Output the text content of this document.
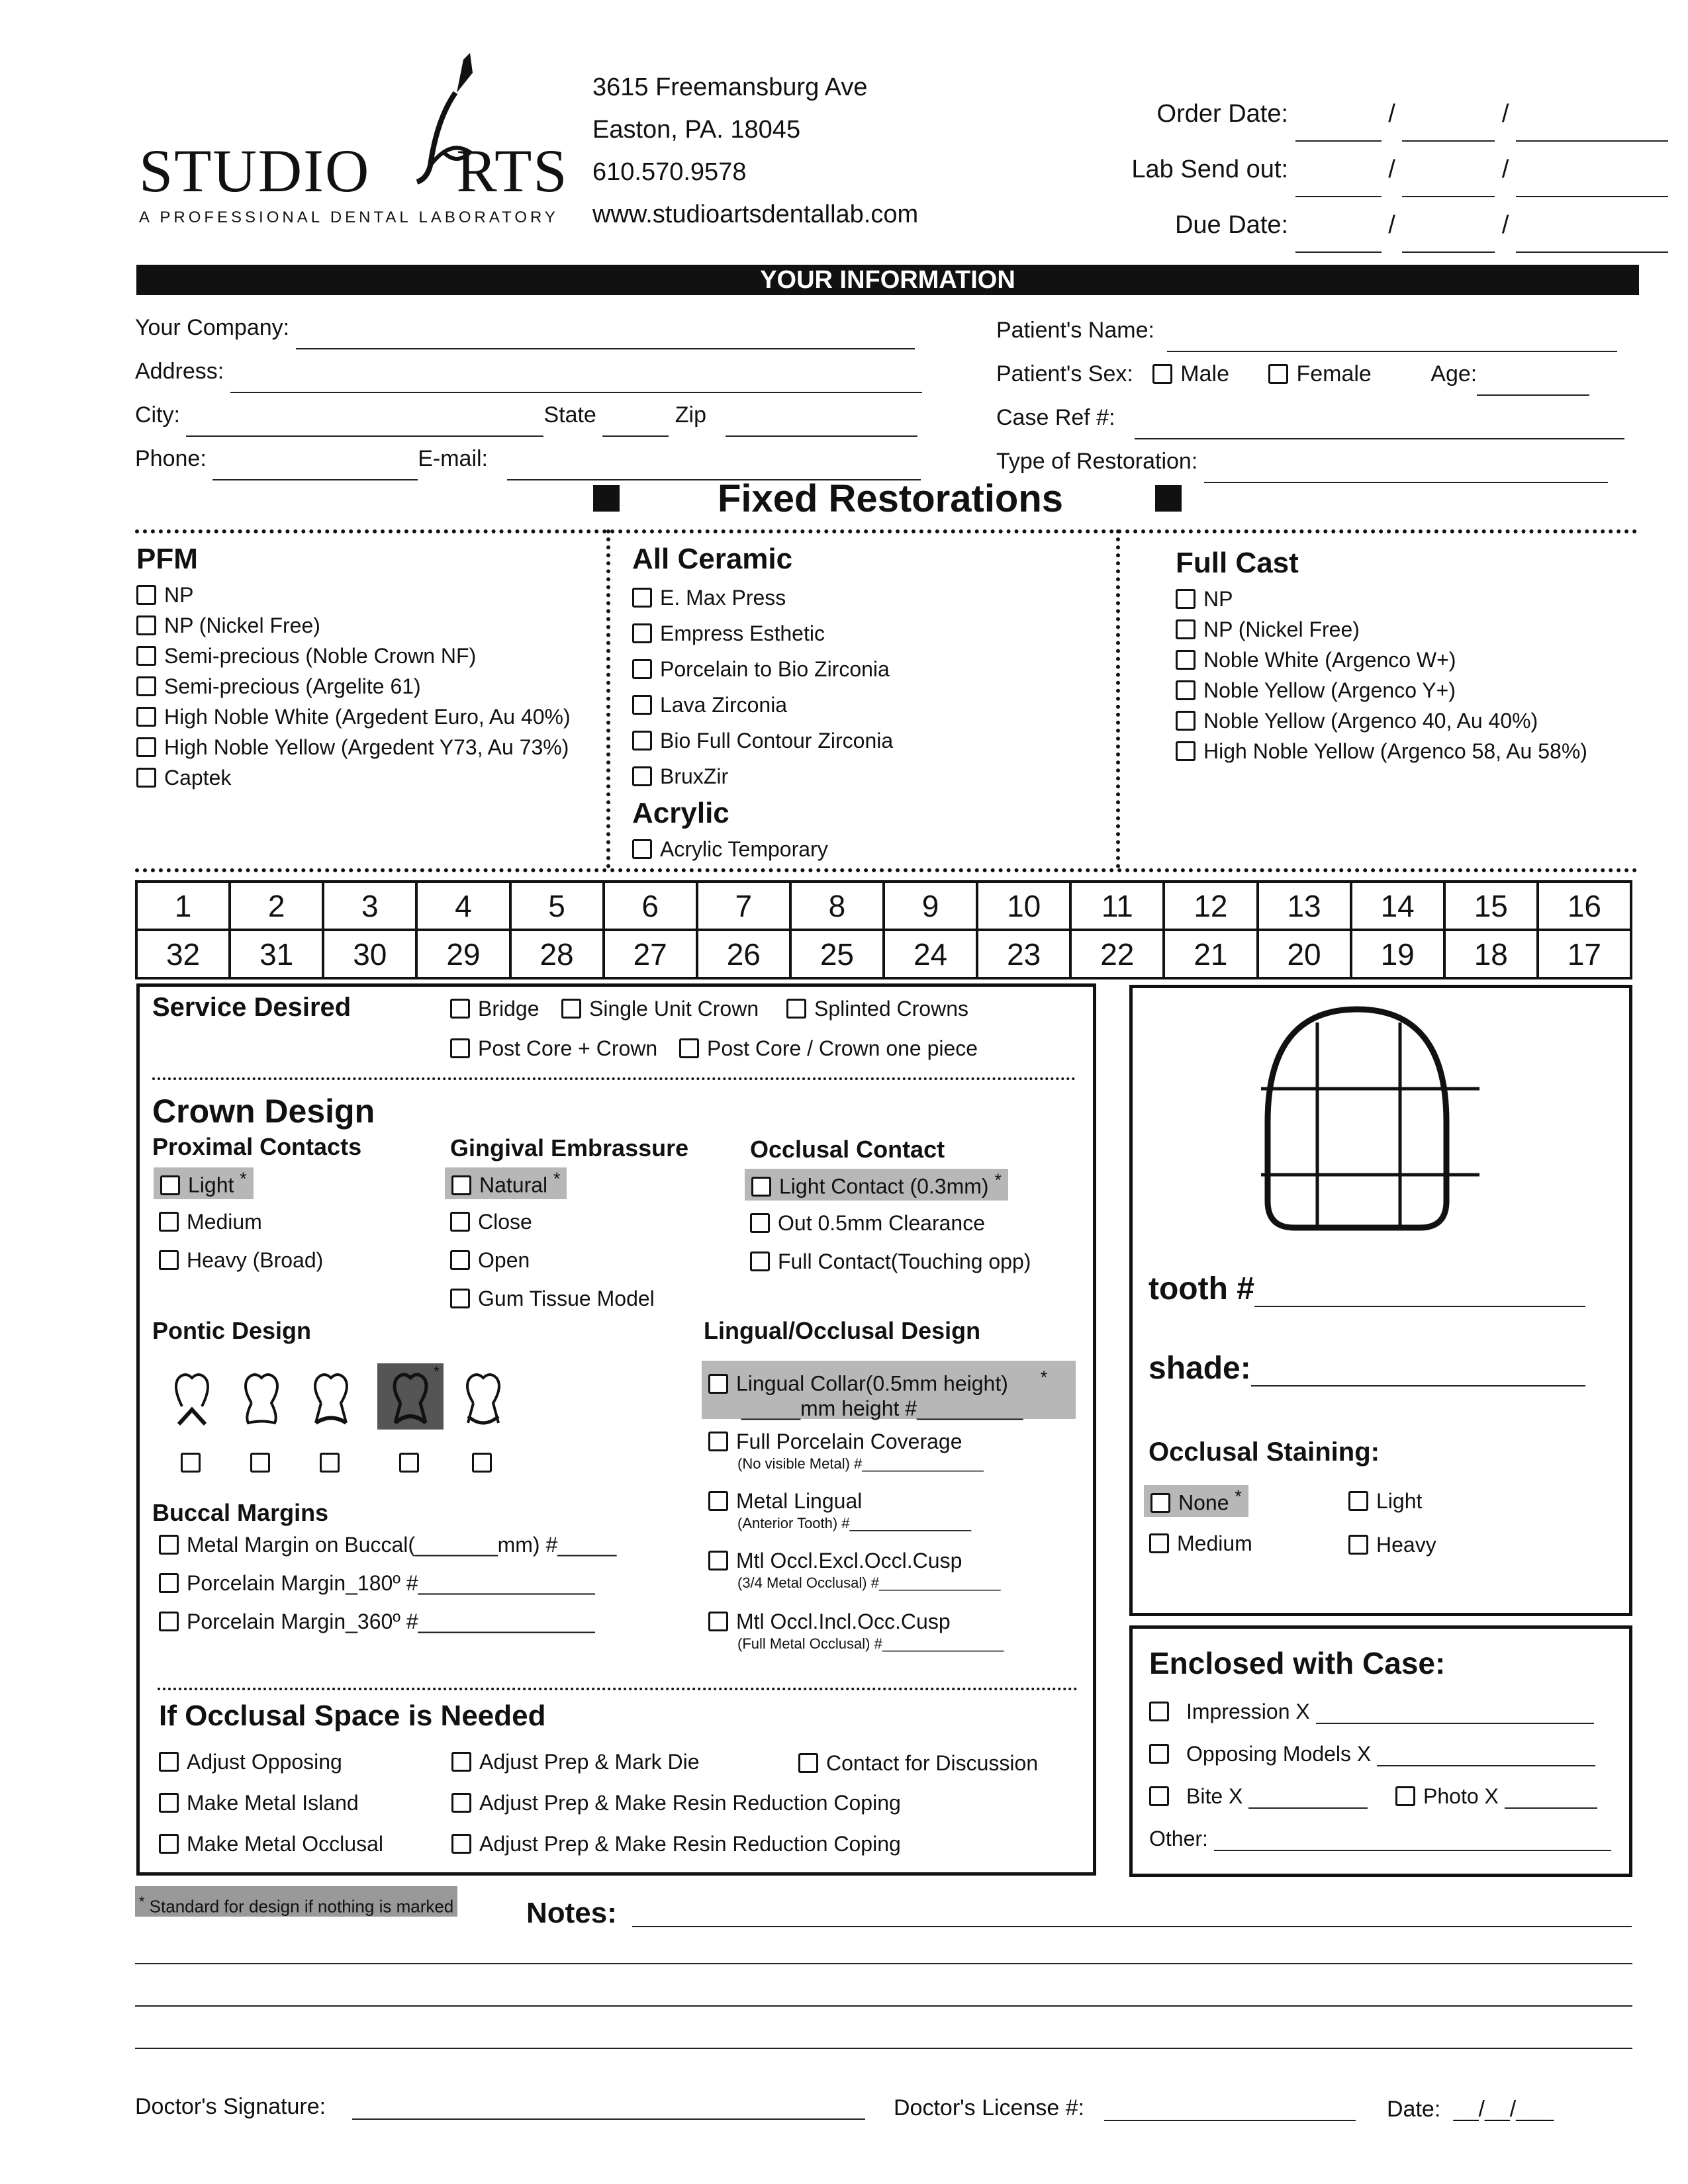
STUDIO RTS
A PROFESSIONAL DENTAL LABORATORY
3615 Freemansburg Ave
Easton, PA. 18045
610.570.9578
www.studioartsdentallab.com
Order Date:	/	/
Lab Send out:	/	/
Due Date:	/	/
YOUR INFORMATION
Your Company:
Address:
City:	State	Zip
Phone:	E-mail:
Patient's Name:
Patient's Sex: Male	Female	Age:
Case Ref #:
Type of Restoration:
Fixed Restorations
PFM
NP
NP (Nickel Free)
Semi-precious (Noble Crown NF)
Semi-precious (Argelite 61)
High Noble White (Argedent Euro, Au 40%)
High Noble Yellow (Argedent Y73, Au 73%)
Captek
All Ceramic
E. Max Press
Empress Esthetic
Porcelain to Bio Zirconia
Lava Zirconia
Bio Full Contour Zirconia
BruxZir
Acrylic
Acrylic Temporary
Full Cast
NP
NP (Nickel Free)
Noble White (Argenco W+)
Noble Yellow (Argenco Y+)
Noble Yellow (Argenco 40, Au 40%)
High Noble Yellow (Argenco 58, Au 58%)
1	2	3	4	5	6	7	8	9	10	11	12	13	14	15	16
32	31	30	29	28	27	26	25	24	23	22	21	20	19	18	17
Service Desired	Bridge	Single Unit Crown	Splinted Crowns
Post Core + Crown	Post Core / Crown one piece
Crown Design
Proximal Contacts	Gingival Embrassure	Occlusal Contact
Light *
Medium
Heavy (Broad)
Natural *
Close
Open
Gum Tissue Model
Light Contact (0.3mm) *
Out 0.5mm Clearance
Full Contact(Touching opp)
Pontic Design
*
Buccal Margins
Metal Margin on Buccal(_______mm) #_____
Porcelain Margin_180º #_______________
Porcelain Margin_360º #_______________
Lingual/Occlusal Design
Lingual Collar(0.5mm height) *
_____mm height #_________
Full Porcelain Coverage
(No visible Metal) #_______________
Metal Lingual
(Anterior Tooth) #_______________
Mtl Occl.Excl.Occl.Cusp
(3/4 Metal Occlusal) #_______________
Mtl Occl.Incl.Occ.Cusp
(Full Metal Occlusal) #_______________
If Occlusal Space is Needed
Adjust Opposing
Make Metal Island
Make Metal Occlusal
Adjust Prep & Mark Die
Adjust Prep & Make Resin Reduction Coping
Adjust Prep & Make Resin Reduction Coping
Contact for Discussion
tooth #
shade:
Occlusal Staining:
None *	Light
Medium	Heavy
Enclosed with Case:
Impression X
Opposing Models X
Bite X	Photo X
Other:
* Standard for design if nothing is marked Notes:
Doctor's Signature:	Doctor's License #:	Date: __/__/___
